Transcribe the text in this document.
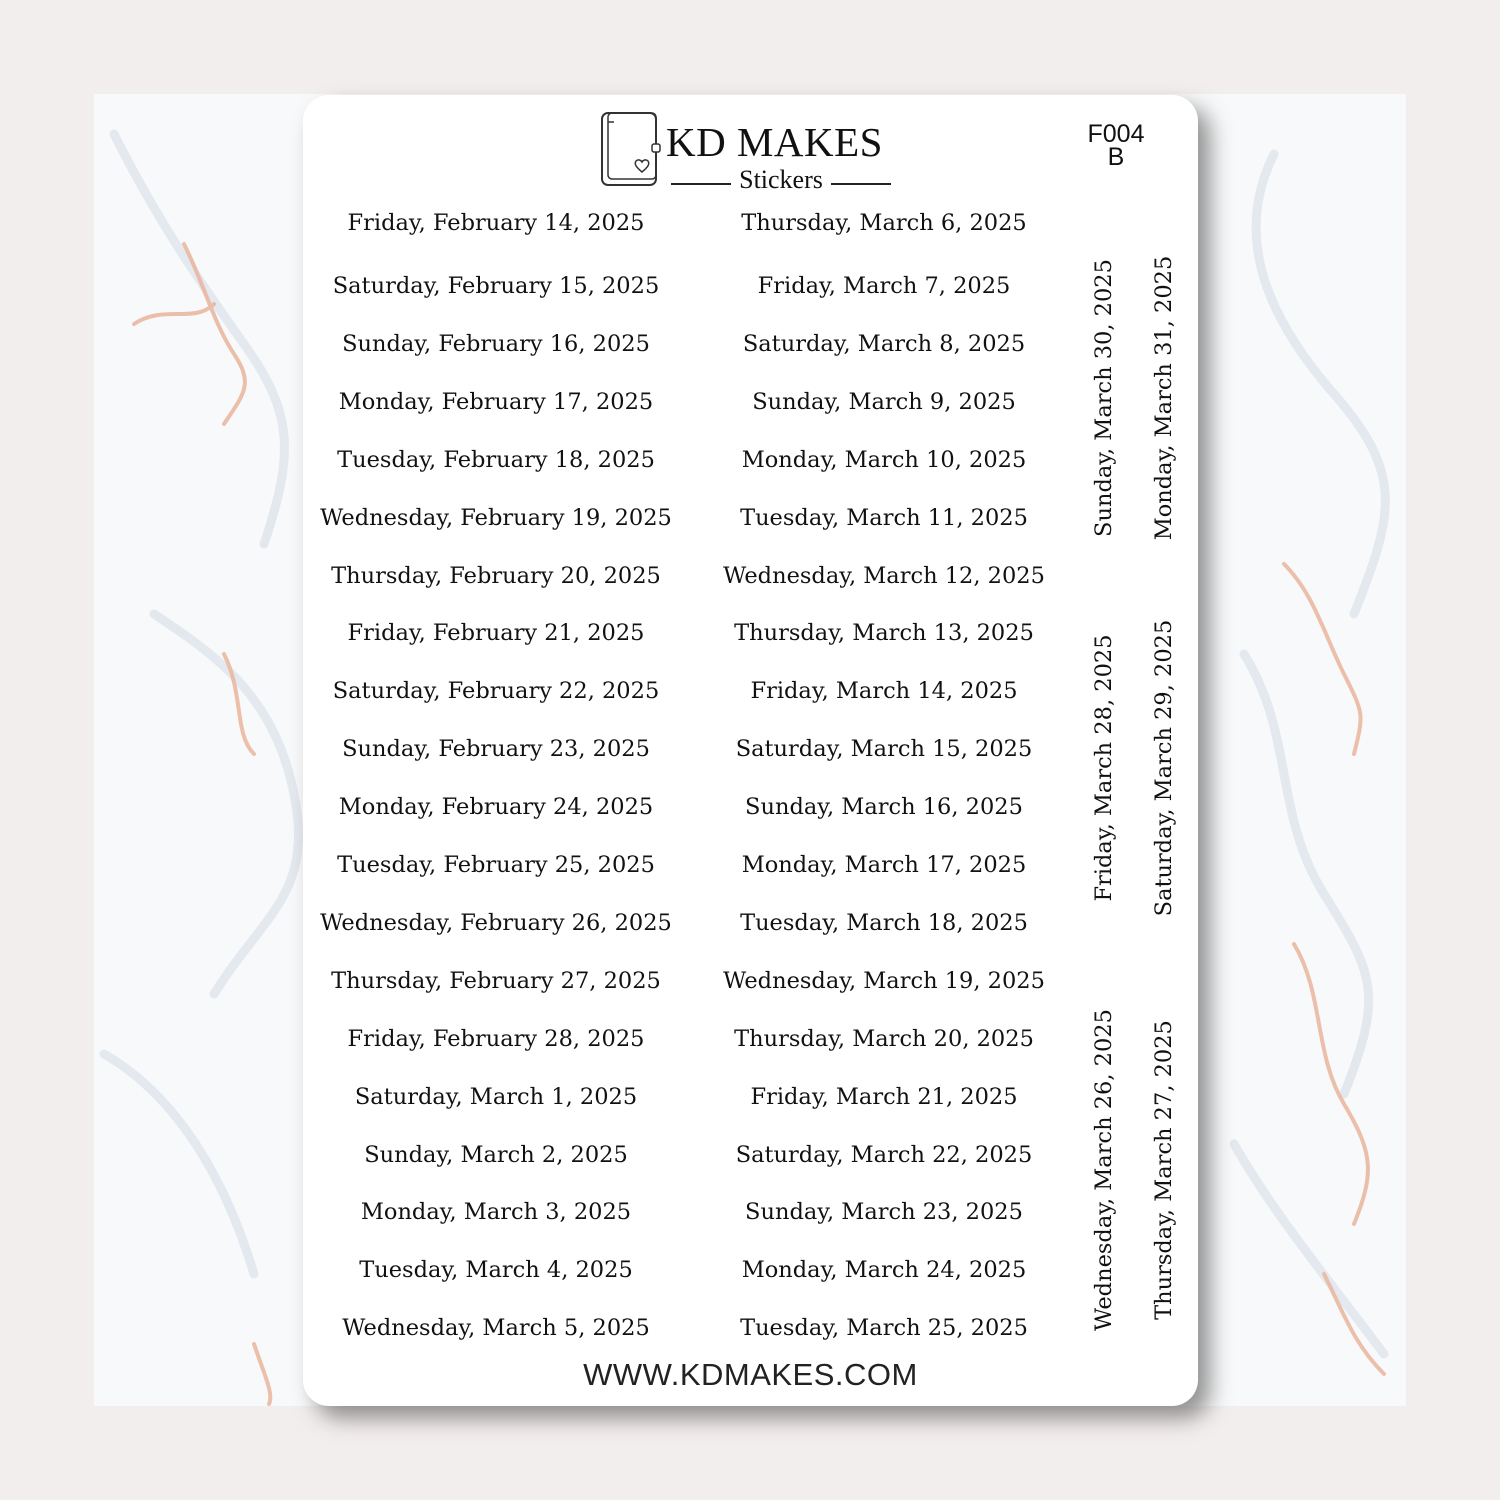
KD MAKES
Stickers
F004
B
WWW.KDMAKES.COM
Friday, February 14, 2025
Saturday, February 15, 2025
Sunday, February 16, 2025
Monday, February 17, 2025
Tuesday, February 18, 2025
Wednesday, February 19, 2025
Thursday, February 20, 2025
Friday, February 21, 2025
Saturday, February 22, 2025
Sunday, February 23, 2025
Monday, February 24, 2025
Tuesday, February 25, 2025
Wednesday, February 26, 2025
Thursday, February 27, 2025
Friday, February 28, 2025
Saturday, March 1, 2025
Sunday, March 2, 2025
Monday, March 3, 2025
Tuesday, March 4, 2025
Wednesday, March 5, 2025
Thursday, March 6, 2025
Friday, March 7, 2025
Saturday, March 8, 2025
Sunday, March 9, 2025
Monday, March 10, 2025
Tuesday, March 11, 2025
Wednesday, March 12, 2025
Thursday, March 13, 2025
Friday, March 14, 2025
Saturday, March 15, 2025
Sunday, March 16, 2025
Monday, March 17, 2025
Tuesday, March 18, 2025
Wednesday, March 19, 2025
Thursday, March 20, 2025
Friday, March 21, 2025
Saturday, March 22, 2025
Sunday, March 23, 2025
Monday, March 24, 2025
Tuesday, March 25, 2025
Sunday, March 30, 2025 Monday, March 31, 2025
Friday, March 28, 2025 Saturday, March 29, 2025
Wednesday, March 26, 2025 Thursday, March 27, 2025
